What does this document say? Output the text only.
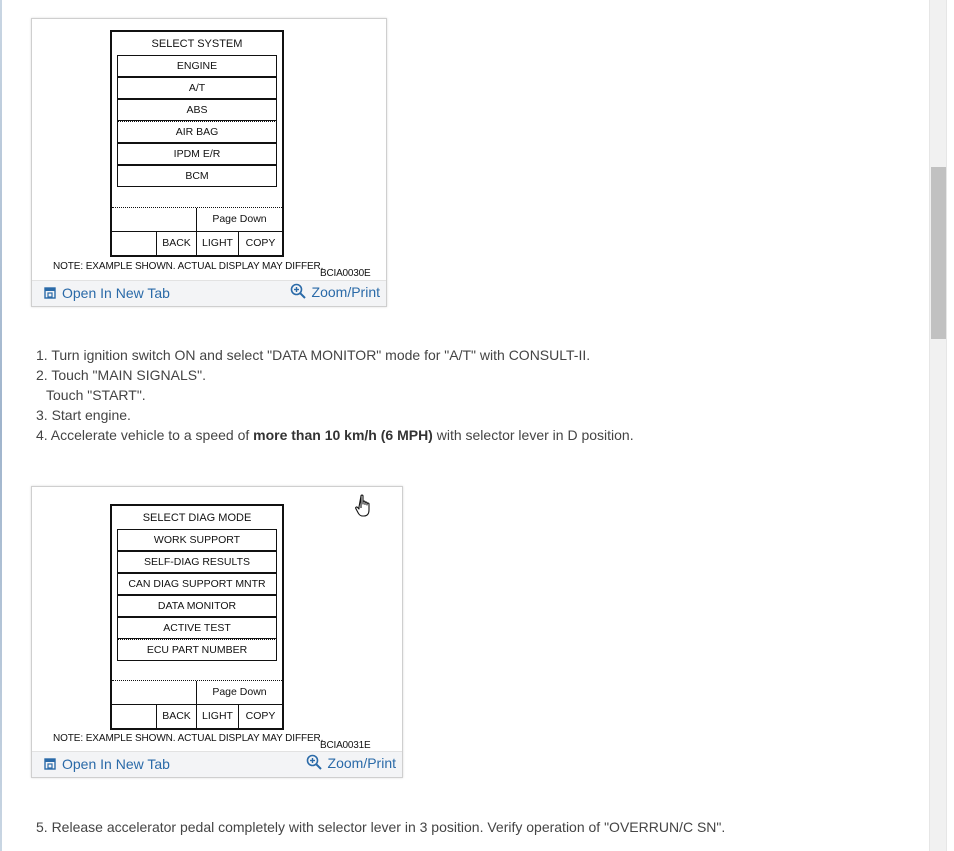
SELECT SYSTEM
ENGINE
A/T
ABS
AIR BAG
IPDM E/R
BCM
Page Down
BACK	LIGHT	COPY
NOTE: EXAMPLE SHOWN. ACTUAL DISPLAY MAY DIFFER.
BCIA0030E
Open In New Tab	Zoom/Print
1. Turn ignition switch ON and select "DATA MONITOR" mode for "A/T" with CONSULT-II.
2. Touch "MAIN SIGNALS".
Touch "START".
3. Start engine.
4. Accelerate vehicle to a speed of more than 10 km/h (6 MPH) with selector lever in D position.
SELECT DIAG MODE
WORK SUPPORT
SELF-DIAG RESULTS
CAN DIAG SUPPORT MNTR
DATA MONITOR
ACTIVE TEST
ECU PART NUMBER
Page Down
BACK	LIGHT	COPY
NOTE: EXAMPLE SHOWN. ACTUAL DISPLAY MAY DIFFER.
BCIA0031E
Open In New Tab	Zoom/Print
5. Release accelerator pedal completely with selector lever in 3 position. Verify operation of "OVERRUN/C SN".
